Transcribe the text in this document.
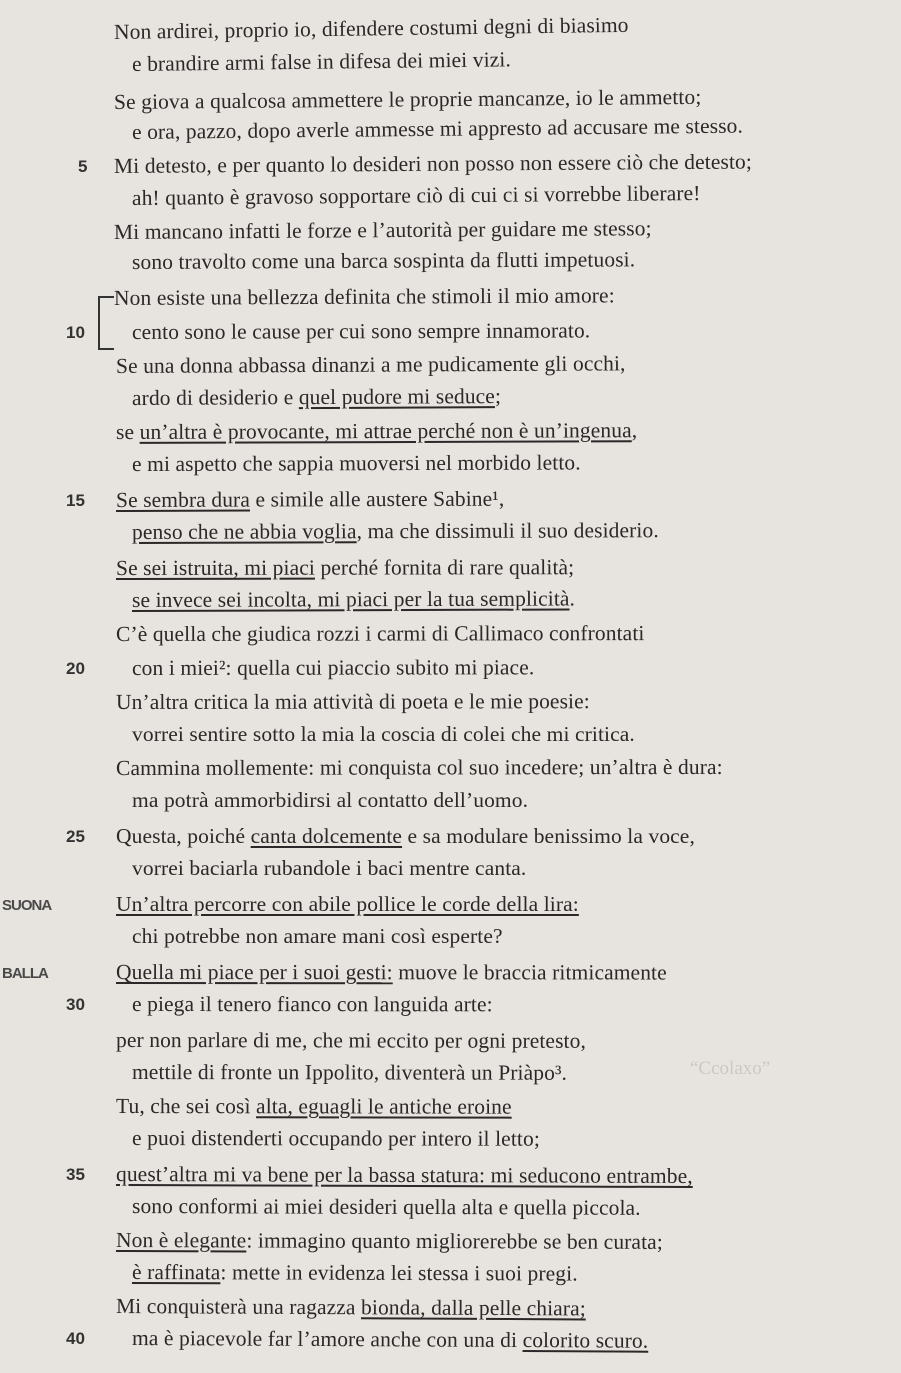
“Ccolaxo”
Non ardirei, proprio io, difendere costumi degni di biasimo
e brandire armi false in difesa dei miei vizi.
Se giova a qualcosa ammettere le proprie mancanze, io le ammetto;
e ora, pazzo, dopo averle ammesse mi appresto ad accusare me stesso.
Mi detesto, e per quanto lo desideri non posso non essere ciò che detesto;
5
ah! quanto è gravoso sopportare ciò di cui ci si vorrebbe liberare!
Mi mancano infatti le forze e l’autorità per guidare me stesso;
sono travolto come una barca sospinta da flutti impetuosi.
Non esiste una bellezza definita che stimoli il mio amore:
cento sono le cause per cui sono sempre innamorato.
10
Se una donna abbassa dinanzi a me pudicamente gli occhi,
ardo di desiderio e quel pudore mi seduce;
se un’altra è provocante, mi attrae perché non è un’ingenua,
e mi aspetto che sappia muoversi nel morbido letto.
Se sembra dura e simile alle austere Sabine¹,
15
penso che ne abbia voglia, ma che dissimuli il suo desiderio.
Se sei istruita, mi piaci perché fornita di rare qualità;
se invece sei incolta, mi piaci per la tua semplicità.
C’è quella che giudica rozzi i carmi di Callimaco confrontati
con i miei²: quella cui piaccio subito mi piace.
20
Un’altra critica la mia attività di poeta e le mie poesie:
vorrei sentire sotto la mia la coscia di colei che mi critica.
Cammina mollemente: mi conquista col suo incedere; un’altra è dura:
ma potrà ammorbidirsi al contatto dell’uomo.
Questa, poiché canta dolcemente e sa modulare benissimo la voce,
25
vorrei baciarla rubandole i baci mentre canta.
Un’altra percorre con abile pollice le corde della lira:
SUONA
chi potrebbe non amare mani così esperte?
Quella mi piace per i suoi gesti: muove le braccia ritmicamente
BALLA
e piega il tenero fianco con languida arte:
30
per non parlare di me, che mi eccito per ogni pretesto,
mettile di fronte un Ippolito, diventerà un Priàpo³.
Tu, che sei così alta, eguagli le antiche eroine
e puoi distenderti occupando per intero il letto;
quest’altra mi va bene per la bassa statura: mi seducono entrambe,
35
sono conformi ai miei desideri quella alta e quella piccola.
Non è elegante: immagino quanto migliorerebbe se ben curata;
è raffinata: mette in evidenza lei stessa i suoi pregi.
Mi conquisterà una ragazza bionda, dalla pelle chiara;
ma è piacevole far l’amore anche con una di colorito scuro.
40
